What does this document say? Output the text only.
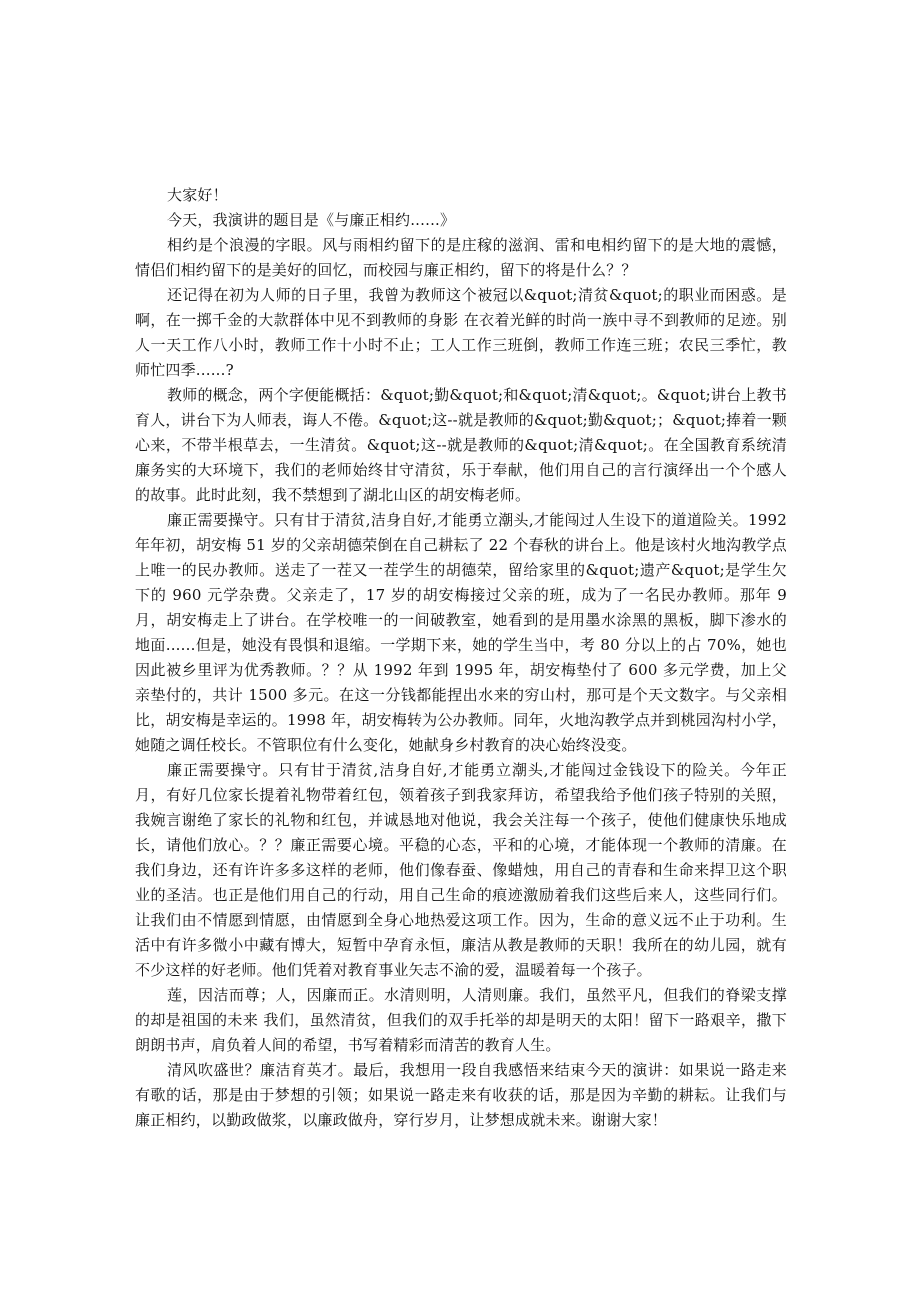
大家好！

今天，我演讲的题目是《与廉正相约......》

相约是个浪漫的字眼。风与雨相约留下的是庄稼的滋润、雷和电相约留下的是大地的震憾，情侣们相约留下的是美好的回忆，而校园与廉正相约，留下的将是什么？？

还记得在初为人师的日子里，我曾为教师这个被冠以&quot;清贫&quot;的职业而困惑。是啊，在一掷千金的大款群体中见不到教师的身影 在衣着光鲜的时尚一族中寻不到教师的足迹。别人一天工作八小时，教师工作十小时不止；工人工作三班倒，教师工作连三班；农民三季忙，教师忙四季......?

教师的概念，两个字便能概括：&quot;勤&quot;和&quot;清&quot;。&quot;讲台上教书育人，讲台下为人师表，诲人不倦。&quot;这--就是教师的&quot;勤&quot;；&quot;捧着一颗心来，不带半根草去，一生清贫。&quot;这--就是教师的&quot;清&quot;。在全国教育系统清廉务实的大环境下，我们的老师始终甘守清贫，乐于奉献，他们用自己的言行演绎出一个个感人的故事。此时此刻，我不禁想到了湖北山区的胡安梅老师。

廉正需要操守。只有甘于清贫,洁身自好,才能勇立潮头,才能闯过人生设下的道道险关。1992 年年初，胡安梅 51 岁的父亲胡德荣倒在自己耕耘了 22 个春秋的讲台上。他是该村火地沟教学点上唯一的民办教师。送走了一茬又一茬学生的胡德荣，留给家里的&quot;遗产&quot;是学生欠下的 960 元学杂费。父亲走了，17 岁的胡安梅接过父亲的班，成为了一名民办教师。那年 9 月，胡安梅走上了讲台。在学校唯一的一间破教室，她看到的是用墨水涂黑的黑板，脚下渗水的地面......但是，她没有畏惧和退缩。一学期下来，她的学生当中，考 80 分以上的占 70%，她也因此被乡里评为优秀教师。？？从 1992 年到 1995 年，胡安梅垫付了 600 多元学费，加上父亲垫付的，共计 1500 多元。在这一分钱都能捏出水来的穷山村，那可是个天文数字。与父亲相比，胡安梅是幸运的。1998 年，胡安梅转为公办教师。同年，火地沟教学点并到桃园沟村小学，她随之调任校长。不管职位有什么变化，她献身乡村教育的决心始终没变。

廉正需要操守。只有甘于清贫,洁身自好,才能勇立潮头,才能闯过金钱设下的险关。今年正月，有好几位家长提着礼物带着红包，领着孩子到我家拜访，希望我给予他们孩子特别的关照，我婉言谢绝了家长的礼物和红包，并诚恳地对他说，我会关注每一个孩子，使他们健康快乐地成长，请他们放心。？？廉正需要心境。平稳的心态，平和的心境，才能体现一个教师的清廉。在我们身边，还有许许多多这样的老师，他们像春蚕、像蜡烛，用自己的青春和生命来捍卫这个职业的圣洁。也正是他们用自己的行动，用自己生命的痕迹激励着我们这些后来人，这些同行们。让我们由不情愿到情愿，由情愿到全身心地热爱这项工作。因为，生命的意义远不止于功利。生活中有许多微小中藏有博大，短暂中孕育永恒，廉洁从教是教师的天职！我所在的幼儿园，就有不少这样的好老师。他们凭着对教育事业矢志不渝的爱，温暖着每一个孩子。

莲，因洁而尊；人，因廉而正。水清则明，人清则廉。我们，虽然平凡，但我们的脊梁支撑的却是祖国的未来 我们，虽然清贫，但我们的双手托举的却是明天的太阳！留下一路艰辛，撒下朗朗书声，肩负着人间的希望，书写着精彩而清苦的教育人生。

清风吹盛世？廉洁育英才。最后，我想用一段自我感悟来结束今天的演讲：如果说一路走来有歌的话，那是由于梦想的引领；如果说一路走来有收获的话，那是因为辛勤的耕耘。让我们与廉正相约，以勤政做浆，以廉政做舟，穿行岁月，让梦想成就未来。谢谢大家！
